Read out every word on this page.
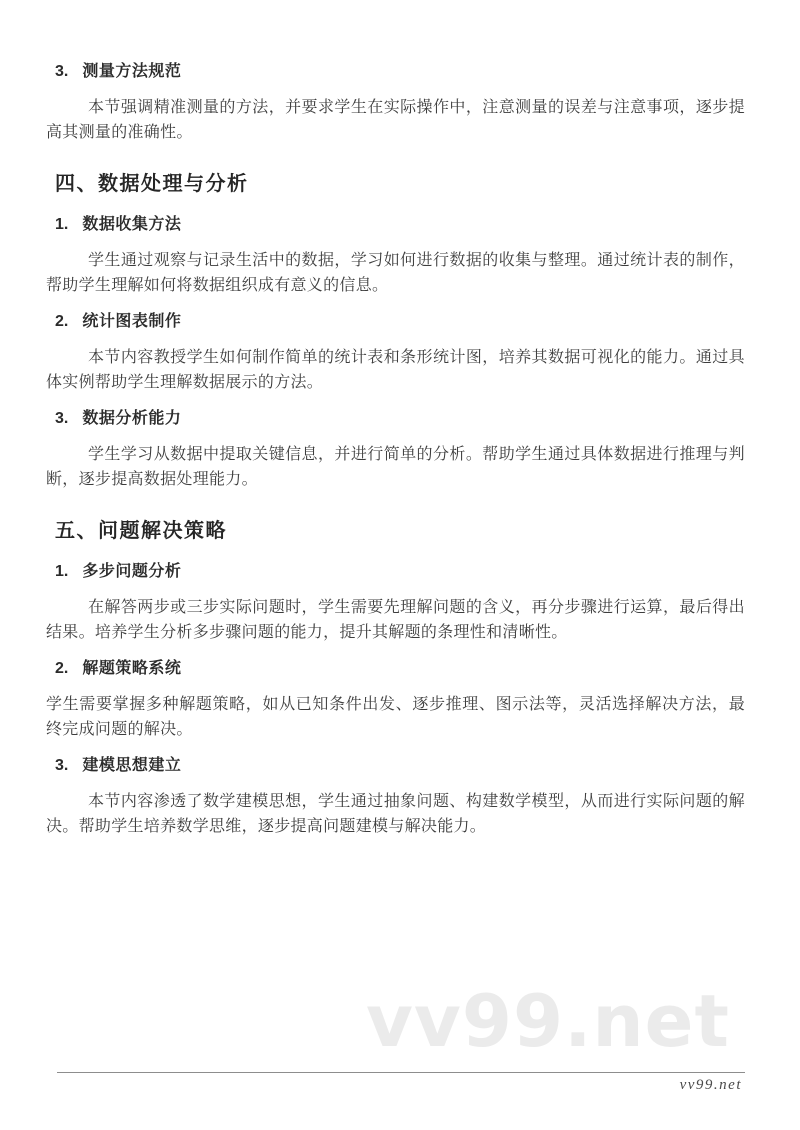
3. 测量方法规范

本节强调精准测量的方法，并要求学生在实际操作中，注意测量的误差与注意事项，逐步提高其测量的准确性。

四、数据处理与分析
1. 数据收集方法

学生通过观察与记录生活中的数据，学习如何进行数据的收集与整理。通过统计表的制作，帮助学生理解如何将数据组织成有意义的信息。

2. 统计图表制作

本节内容教授学生如何制作简单的统计表和条形统计图，培养其数据可视化的能力。通过具体实例帮助学生理解数据展示的方法。

3. 数据分析能力

学生学习从数据中提取关键信息，并进行简单的分析。帮助学生通过具体数据进行推理与判断，逐步提高数据处理能力。

五、问题解决策略
1. 多步问题分析

在解答两步或三步实际问题时，学生需要先理解问题的含义，再分步骤进行运算，最后得出结果。培养学生分析多步骤问题的能力，提升其解题的条理性和清晰性。

2. 解题策略系统

学生需要掌握多种解题策略，如从已知条件出发、逐步推理、图示法等，灵活选择解决方法，最终完成问题的解决。

3. 建模思想建立

本节内容渗透了数学建模思想，学生通过抽象问题、构建数学模型，从而进行实际问题的解决。帮助学生培养数学思维，逐步提高问题建模与解决能力。

vv99.net
vv99.net
